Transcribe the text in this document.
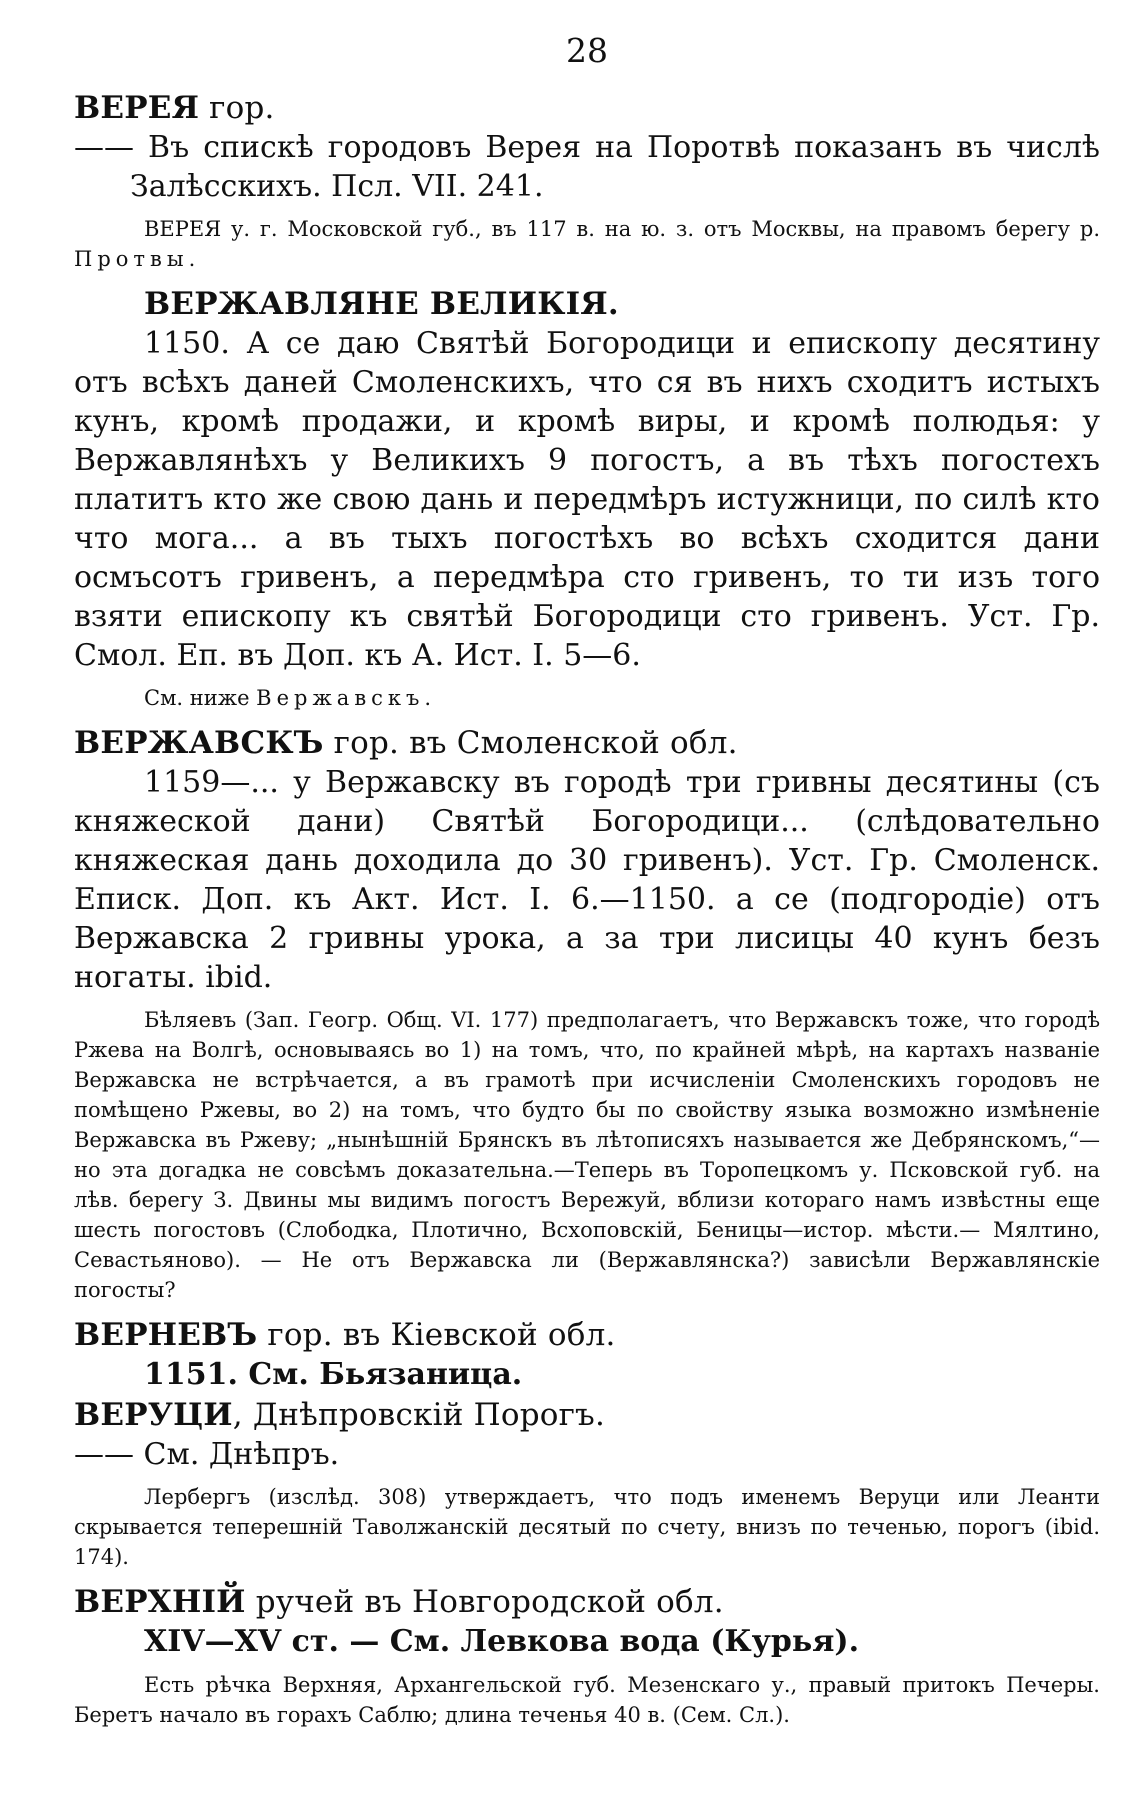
28

ВЕРЕЯ гор.

—— Въ спискѣ городовъ Верея на Поротвѣ показанъ въ числѣ Залѣсскихъ. Псл. VII. 241.

ВЕРЕЯ у. г. Московской губ., въ 117 в. на ю. з. отъ Москвы, на правомъ берегу р. Протвы.

ВЕРЖАВЛЯНЕ ВЕЛИКІЯ.

1150. А се даю Святѣй Богородици и епископу десятину отъ всѣхъ даней Смоленскихъ, что ся въ нихъ сходитъ истыхъ кунъ, кромѣ продажи, и кромѣ виры, и кромѣ полюдья: у Вержавлянѣхъ у Великихъ 9 погостъ, а въ тѣхъ погостехъ платитъ кто же свою дань и передмѣръ истужници, по силѣ кто что мога... а въ тыхъ погостѣхъ во всѣхъ сходится дани осмъсотъ гривенъ, а передмѣра сто гривенъ, то ти изъ того взяти епископу къ святѣй Богородици сто гривенъ. Уст. Гр. Смол. Еп. въ Доп. къ А. Ист. I. 5—6.

См. ниже Вержавскъ.

ВЕРЖАВСКЪ гор. въ Смоленской обл.

1159—... у Вержавску въ городѣ три гривны десятины (съ княжеской дани) Святѣй Богородици... (слѣдовательно княжеская дань доходила до 30 гривенъ). Уст. Гр. Смоленск. Еписк. Доп. къ Акт. Ист. I. 6.—1150. а се (подгородіе) отъ Вержавска 2 гривны урока, а за три лисицы 40 кунъ безъ ногаты. ibid.

Бѣляевъ (Зап. Геогр. Общ. VI. 177) предполагаетъ, что Вержавскъ тоже, что городѣ Ржева на Волгѣ, основываясь во 1) на томъ, что, по крайней мѣрѣ, на картахъ названіе Вержавска не встрѣчается, а въ грамотѣ при исчисленіи Смоленскихъ городовъ не помѣщено Ржевы, во 2) на томъ, что будто бы по свойству языка возможно измѣненіе Вержавска въ Ржеву; „нынѣшній Брянскъ въ лѣтописяхъ называется же Дебрянскомъ,“—но эта догадка не совсѣмъ доказательна.—Теперь въ Торопецкомъ у. Псковской губ. на лѣв. берегу З. Двины мы видимъ погостъ Вережуй, вблизи котораго намъ извѣстны еще шесть погостовъ (Слободка, Плотично, Всхоповскій, Беницы—истор. мѣсти.— Мялтино, Севастьяново). — Не отъ Вержавска ли (Вержавлянска?) зависѣли Вержавлянскіе погосты?

ВЕРНЕВЪ гор. въ Кіевской обл.

1151. См. Бьязаница.

ВЕРУЦИ, Днѣпровскій Порогъ.

—— См. Днѣпръ.

Лербергъ (изслѣд. 308) утверждаетъ, что подъ именемъ Веруци или Леанти скрывается теперешній Таволжанскій десятый по счету, внизъ по теченью, порогъ (ibid. 174).

ВЕРХНІЙ ручей въ Новгородской обл.

XIV—XV ст. — См. Левкова вода (Курья).

Есть рѣчка Верхняя, Архангельской губ. Мезенскаго у., правый притокъ Печеры. Беретъ начало въ горахъ Саблю; длина теченья 40 в. (Сем. Сл.).
